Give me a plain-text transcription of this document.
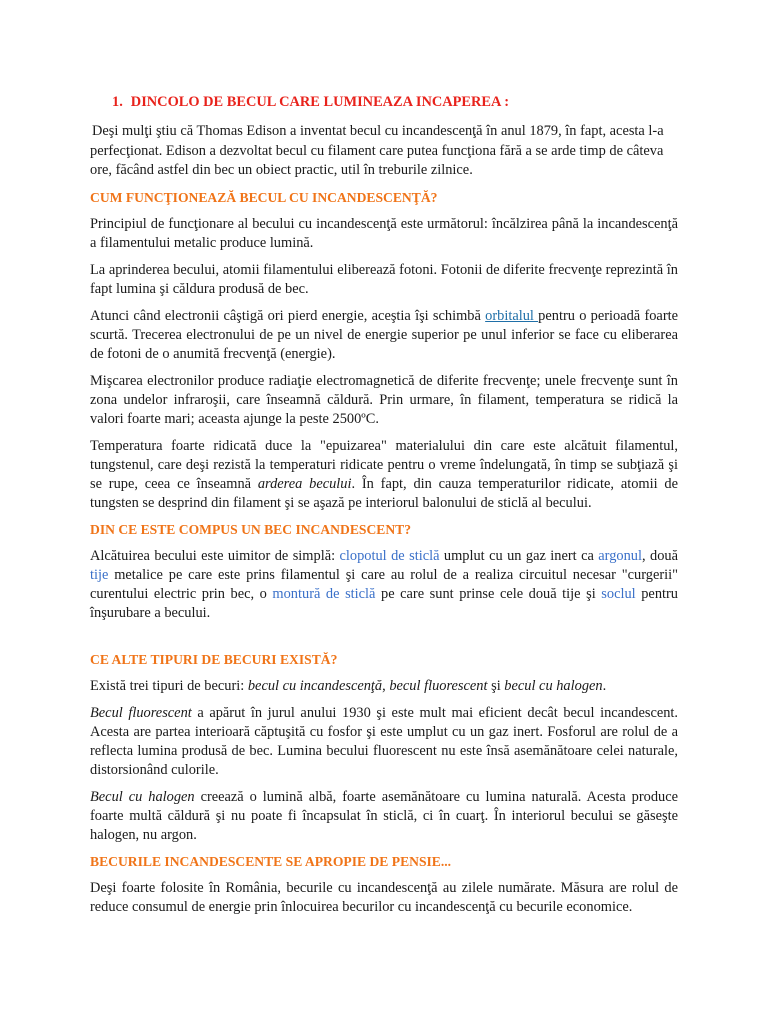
1. DINCOLO DE BECUL CARE LUMINEAZA INCAPEREA :

Deşi mulţi ştiu că Thomas Edison a inventat becul cu incandescenţă în anul 1879, în fapt, acesta l-a perfecţionat. Edison a dezvoltat becul cu filament care putea funcţiona fără a se arde timp de câteva ore, făcând astfel din bec un obiect practic, util în treburile zilnice.

CUM FUNCŢIONEAZĂ BECUL CU INCANDESCENŢĂ?

Principiul de funcţionare al becului cu incandescenţă este următorul: încălzirea până la incandescenţă a filamentului metalic produce lumină.

La aprinderea becului, atomii filamentului eliberează fotoni. Fotonii de diferite frecvenţe reprezintă în fapt lumina şi căldura produsă de bec.

Atunci când electronii câştigă ori pierd energie, aceştia îşi schimbă orbitalul pentru o perioadă foarte scurtă. Trecerea electronului de pe un nivel de energie superior pe unul inferior se face cu eliberarea de fotoni de o anumită frecvenţă (energie).

Mişcarea electronilor produce radiaţie electromagnetică de diferite frecvenţe; unele frecvenţe sunt în zona undelor infraroşii, care înseamnă căldură. Prin urmare, în filament, temperatura se ridică la valori foarte mari; aceasta ajunge la peste 2500ºC.

Temperatura foarte ridicată duce la "epuizarea" materialului din care este alcătuit filamentul, tungstenul, care deşi rezistă la temperaturi ridicate pentru o vreme îndelungată, în timp se subţiază şi se rupe, ceea ce înseamnă arderea becului. În fapt, din cauza temperaturilor ridicate, atomii de tungsten se desprind din filament şi se aşază pe interiorul balonului de sticlă al becului.

DIN CE ESTE COMPUS UN BEC INCANDESCENT?

Alcătuirea becului este uimitor de simplă: clopotul de sticlă umplut cu un gaz inert ca argonul, două tije metalice pe care este prins filamentul şi care au rolul de a realiza circuitul necesar "curgerii" curentului electric prin bec, o montură de sticlă pe care sunt prinse cele două tije şi soclul pentru înşurubare a becului.

CE ALTE TIPURI DE BECURI EXISTĂ?

Există trei tipuri de becuri: becul cu incandescenţă, becul fluorescent şi becul cu halogen.

Becul fluorescent a apărut în jurul anului 1930 şi este mult mai eficient decât becul incandescent. Acesta are partea interioară căptuşită cu fosfor şi este umplut cu un gaz inert. Fosforul are rolul de a reflecta lumina produsă de bec. Lumina becului fluorescent nu este însă asemănătoare celei naturale, distorsionând culorile.

Becul cu halogen creează o lumină albă, foarte asemănătoare cu lumina naturală. Acesta produce foarte multă căldură şi nu poate fi încapsulat în sticlă, ci în cuarţ. În interiorul becului se găseşte halogen, nu argon.

BECURILE INCANDESCENTE SE APROPIE DE PENSIE...

Deşi foarte folosite în România, becurile cu incandescenţă au zilele numărate. Măsura are rolul de reduce consumul de energie prin înlocuirea becurilor cu incandescenţă cu becurile economice.
